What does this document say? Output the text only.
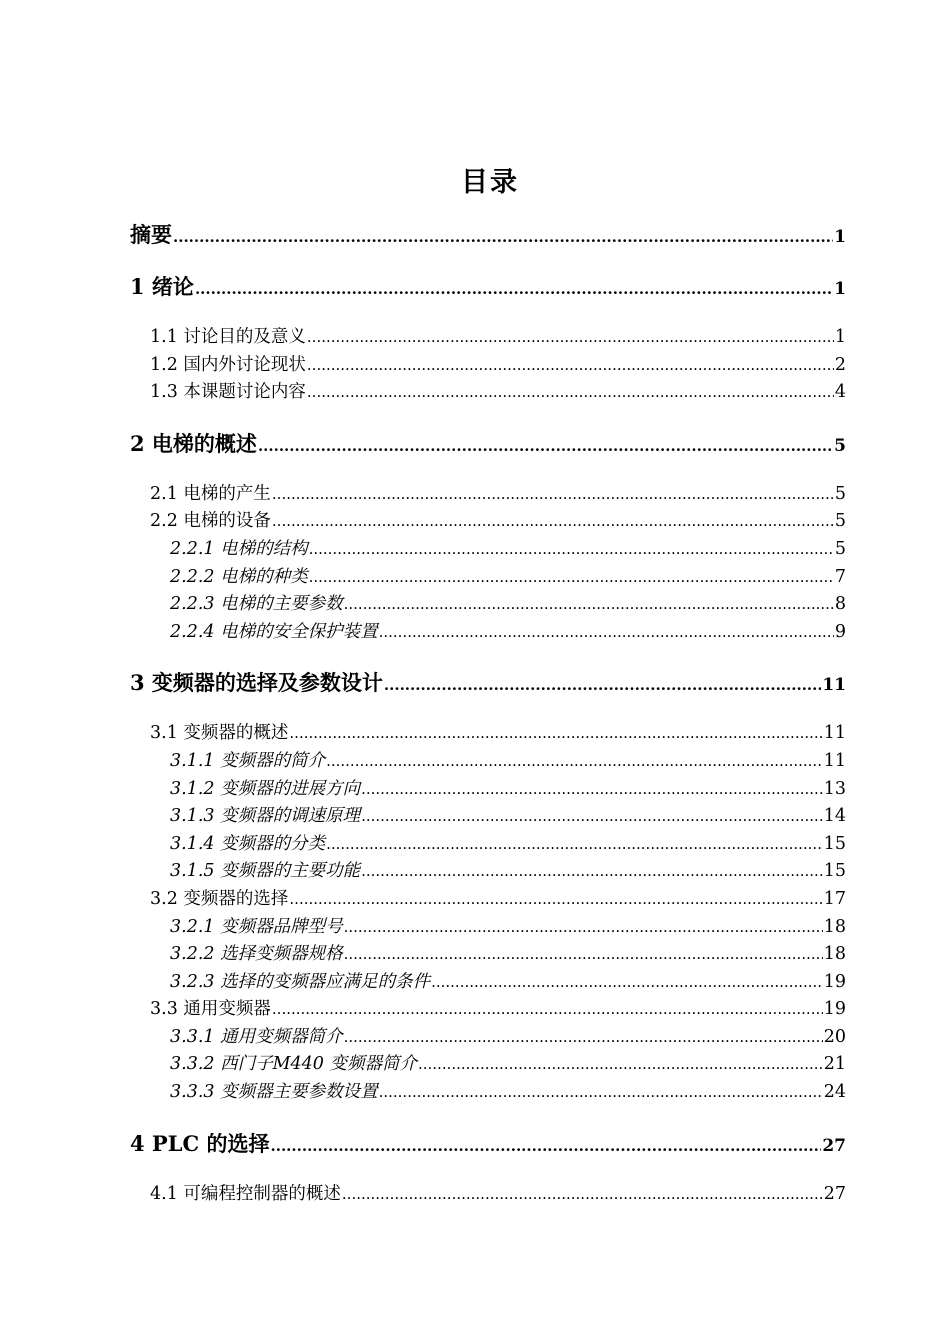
目录
摘要 .....	1
1 绪论 .....	1
1.1 讨论目的及意义 .....	1
1.2 国内外讨论现状 .....	2
1.3 本课题讨论内容 .....	4
2 电梯的概述 .....	5
2.1 电梯的产生 .....	5
2.2 电梯的设备 .....	5
2.2.1 电梯的结构 .....	5
2.2.2 电梯的种类 .....	7
2.2.3 电梯的主要参数 .....	8
2.2.4 电梯的安全保护装置 .....	9
3 变频器的选择及参数设计 .....	11
3.1 变频器的概述 .....	11
3.1.1 变频器的简介 .....	11
3.1.2 变频器的进展方向 .....	13
3.1.3 变频器的调速原理 .....	14
3.1.4 变频器的分类 .....	15
3.1.5 变频器的主要功能 .....	15
3.2 变频器的选择 .....	17
3.2.1 变频器品牌型号 .....	18
3.2.2 选择变频器规格 .....	18
3.2.3 选择的变频器应满足的条件 .....	19
3.3 通用变频器 .....	19
3.3.1 通用变频器简介 .....	20
3.3.2 西门子M440 变频器简介 .....	21
3.3.3 变频器主要参数设置 .....	24
4 PLC 的选择 .....	27
4.1 可编程控制器的概述 .....	27
